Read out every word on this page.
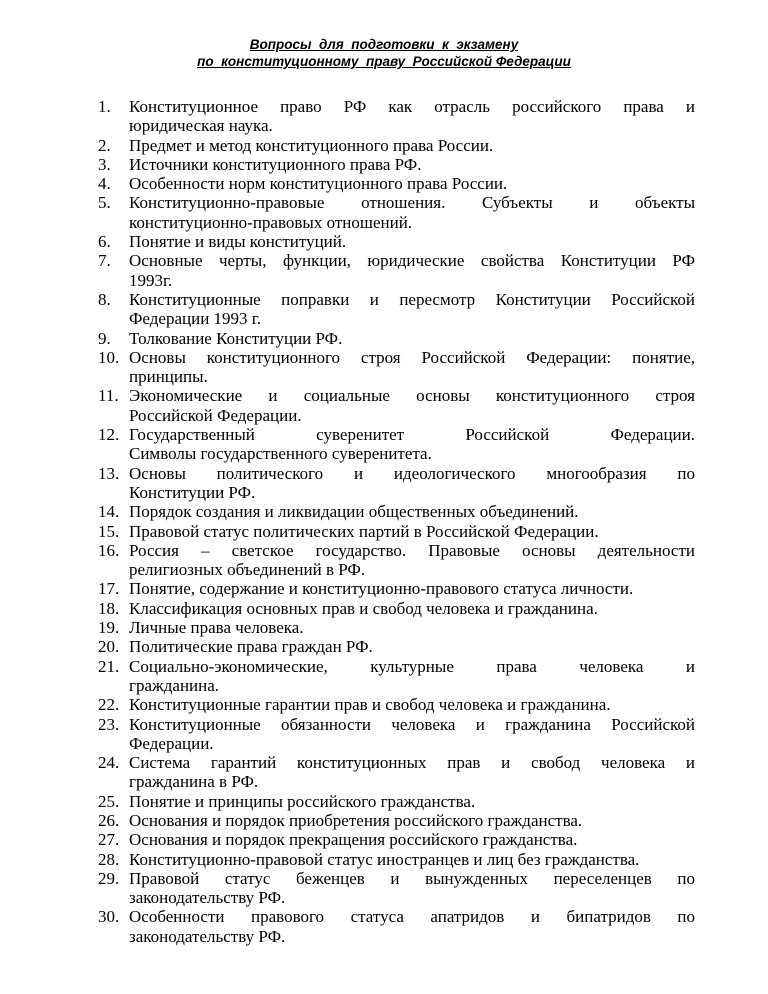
Вопросы  для  подготовки  к  экзамену
по  конституционному  праву  Российской Федерации
1.	Конституционное право РФ как отрасль российского права и
юридическая наука.
2.	Предмет и метод конституционного права России.
3.	Источники конституционного права РФ.
4.	Особенности норм конституционного права России.
5.	Конституционно-правовые отношения. Субъекты и объекты
конституционно-правовых отношений.
6.	Понятие и виды конституций.
7.	Основные черты, функции, юридические свойства Конституции РФ
1993г.
8.	Конституционные поправки и пересмотр Конституции Российской
Федерации 1993 г.
9.	Толкование Конституции РФ.
10. Основы конституционного строя Российской Федерации: понятие,
принципы.
11. Экономические и социальные основы конституционного строя
Российской Федерации.
12. Государственный суверенитет Российской Федерации.
Символы государственного суверенитета.
13. Основы политического и идеологического многообразия по
Конституции РФ.
14. Порядок создания и ликвидации общественных объединений.
15. Правовой статус политических партий в Российской Федерации.
16. Россия – светское государство. Правовые основы деятельности
религиозных объединений в РФ.
17. Понятие, содержание и конституционно-правового статуса личности.
18. Классификация основных прав и свобод человека и гражданина.
19. Личные права человека.
20. Политические права граждан РФ.
21. Социально-экономические, культурные права человека и
гражданина.
22. Конституционные гарантии прав и свобод человека и гражданина.
23. Конституционные обязанности человека и гражданина Российской
Федерации.
24. Система гарантий конституционных прав и свобод человека и
гражданина в РФ.
25. Понятие и принципы российского гражданства.
26. Основания и порядок приобретения российского гражданства.
27. Основания и порядок прекращения российского гражданства.
28. Конституционно-правовой статус иностранцев и лиц без гражданства.
29. Правовой статус беженцев и вынужденных переселенцев по
законодательству РФ.
30. Особенности правового статуса апатридов и бипатридов по
законодательству РФ.
